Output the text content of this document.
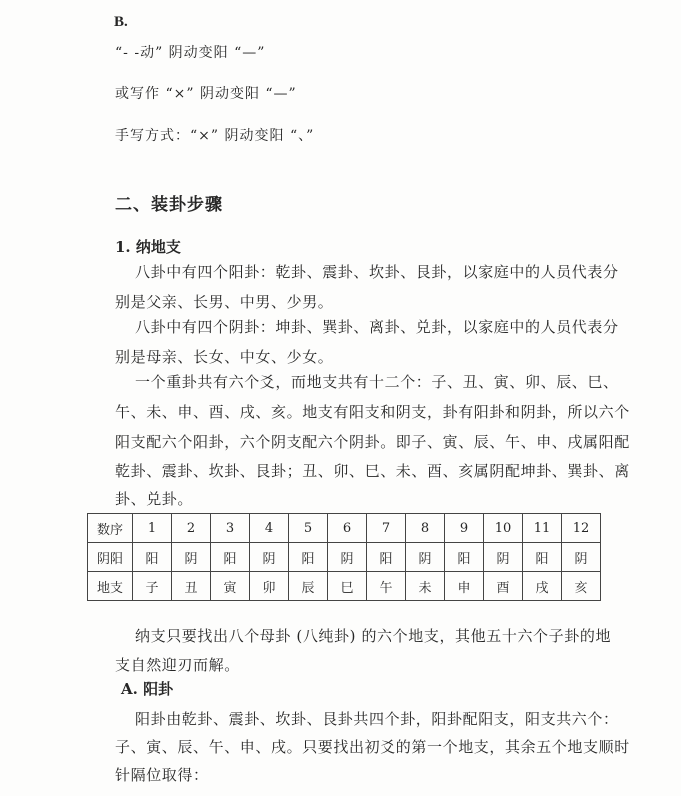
B.
“- -动” 阴动变阳 “—”
或写作 “×” 阴动变阳 “—”
手写方式：“×” 阴动变阳 “、”
二、装卦步骤
1. 纳地支
八卦中有四个阳卦：乾卦、震卦、坎卦、艮卦，以家庭中的人员代表分
别是父亲、长男、中男、少男。
八卦中有四个阴卦：坤卦、巽卦、离卦、兑卦，以家庭中的人员代表分
别是母亲、长女、中女、少女。
一个重卦共有六个爻，而地支共有十二个：子、丑、寅、卯、辰、巳、
午、未、申、酉、戌、亥。地支有阳支和阴支，卦有阳卦和阴卦，所以六个
阳支配六个阳卦，六个阴支配六个阴卦。即子、寅、辰、午、申、戌属阳配
乾卦、震卦、坎卦、艮卦；丑、卯、巳、未、酉、亥属阴配坤卦、巽卦、离
卦、兑卦。
数序	1	2	3	4	5	6	7	8	9	10	11	12
阴阳	阳	阴	阳	阴	阳	阴	阳	阴	阳	阴	阳	阴
地支	子	丑	寅	卯	辰	巳	午	未	申	酉	戌	亥
纳支只要找出八个母卦 (八纯卦) 的六个地支，其他五十六个子卦的地
支自然迎刃而解。
A. 阳卦
阳卦由乾卦、震卦、坎卦、艮卦共四个卦，阳卦配阳支，阳支共六个：
子、寅、辰、午、申、戌。只要找出初爻的第一个地支，其余五个地支顺时
针隔位取得：
